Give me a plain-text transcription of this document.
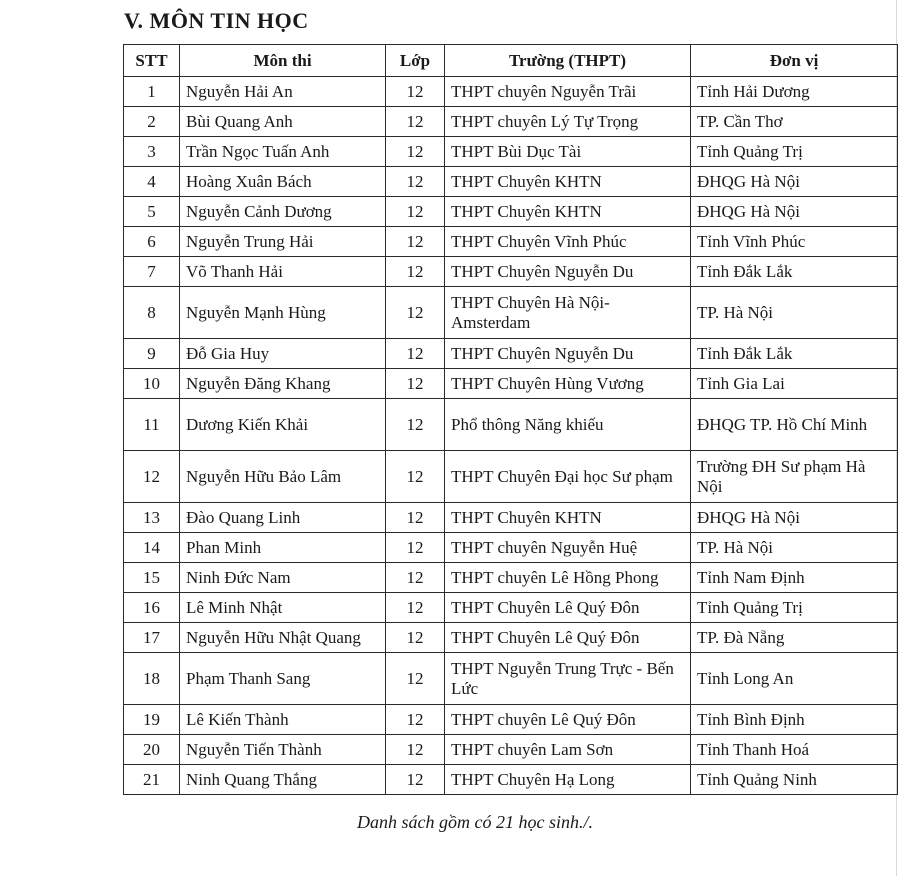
V. MÔN TIN HỌC
STT	Môn thi	Lớp	Trường (THPT)	Đơn vị
1	Nguyễn Hải An	12	THPT chuyên Nguyễn Trãi	Tỉnh Hải Dương
2	Bùi Quang Anh	12	THPT chuyên Lý Tự Trọng	TP. Cần Thơ
3	Trần Ngọc Tuấn Anh	12	THPT Bùi Dục Tài	Tỉnh Quảng Trị
4	Hoàng Xuân Bách	12	THPT Chuyên KHTN	ĐHQG Hà Nội
5	Nguyễn Cảnh Dương	12	THPT Chuyên KHTN	ĐHQG Hà Nội
6	Nguyễn Trung Hải	12	THPT Chuyên Vĩnh Phúc	Tỉnh Vĩnh Phúc
7	Võ Thanh Hải	12	THPT Chuyên Nguyễn Du	Tỉnh Đắk Lắk
8	Nguyễn Mạnh Hùng	12	THPT Chuyên Hà Nội-Amsterdam	TP. Hà Nội
9	Đỗ Gia Huy	12	THPT Chuyên Nguyễn Du	Tỉnh Đắk Lắk
10	Nguyễn Đăng Khang	12	THPT Chuyên Hùng Vương	Tỉnh Gia Lai
11	Dương Kiến Khải	12	Phổ thông Năng khiếu	ĐHQG TP. Hồ Chí Minh
12	Nguyễn Hữu Bảo Lâm	12	THPT Chuyên Đại học Sư phạm	Trường ĐH Sư phạm Hà Nội
13	Đào Quang Linh	12	THPT Chuyên KHTN	ĐHQG Hà Nội
14	Phan Minh	12	THPT chuyên Nguyễn Huệ	TP. Hà Nội
15	Ninh Đức Nam	12	THPT chuyên Lê Hồng Phong	Tỉnh Nam Định
16	Lê Minh Nhật	12	THPT Chuyên Lê Quý Đôn	Tỉnh Quảng Trị
17	Nguyễn Hữu Nhật Quang	12	THPT Chuyên Lê Quý Đôn	TP. Đà Nẵng
18	Phạm Thanh Sang	12	THPT Nguyễn Trung Trực - Bến Lức	Tỉnh Long An
19	Lê Kiến Thành	12	THPT chuyên Lê Quý Đôn	Tỉnh Bình Định
20	Nguyễn Tiến Thành	12	THPT chuyên Lam Sơn	Tỉnh Thanh Hoá
21	Ninh Quang Thắng	12	THPT Chuyên Hạ Long	Tỉnh Quảng Ninh
Danh sách gồm có 21 học sinh./.
